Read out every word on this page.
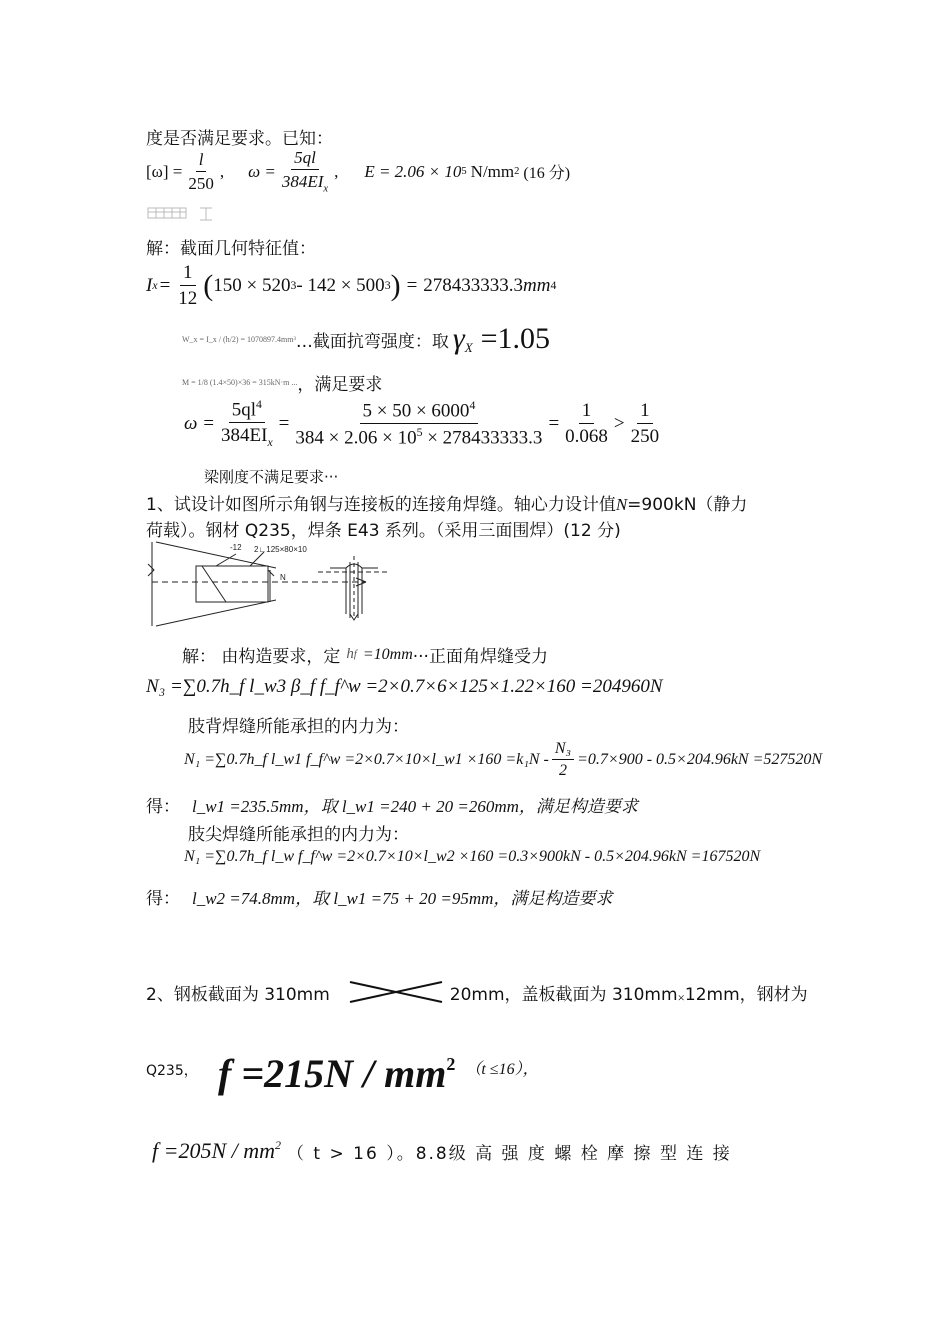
度是否满足要求。已知：
$[\omega] = \frac{l}{250}$ , $\omega = \frac{5ql}{384EI_x}$ , E = 2.06 × 10 5 N/mm 2 (16 分)
解：截面几何特征值：
I $x = \frac{1}{12}$ ( 150 × 520 3 - 142 × 500 3 ) = 278433333.3 mm 4
W_x = I_x / (h/2) = 1070897.4mm³ …截面抗弯强度：取 $\gamma_X =1.05$
M = 1/8 (1.4×50)×36 = 315kN·m ... ，满足要求
$\omega = \frac{5ql^4}{384EI_x} = \frac{5 \times 50 \times 6000^4}{384 \times 2.06 \times 10^5 \times 278433333.3} = \frac{1}{0.068} > \frac{1}{250}$
梁刚度不满足要求···
1、试设计如图所示角钢与连接板的连接角焊缝。轴心力设计值N=900kN（静力
荷载）。钢材 Q235，焊条 E43 系列。（采用三面围焊）(12 分)
-12 2∟125×80×10
N
解： 由构造要求，定 h f =10mm ···正面角焊缝受力
N₃ =∑0.7h_f l_w3 β_f f_f^w =2×0.7×6×125×1.22×160 =204960N
肢背焊缝所能承担的内力为：
N₁ =∑0.7h_f l_w1 f_f^w =2×0.7×10×l_w1 $\times 160 =k_1N - \frac{\text{N₃}}{2} =0.7\times 900 - 0.5\times 204.96kN =527520N$
得： l_w1 =235.5mm，取 l_w1 =240 + 20 =260mm，满足构造要求
肢尖焊缝所能承担的内力为：
N₁ =∑0.7h_f l_w f_f^w =2×0.7×10×l_w2 ×160 =0.3×900kN - 0.5×204.96kN =167520N
得： l_w2 =74.8mm，取 l_w1 =75 + 20 =95mm，满足构造要求
2、钢板截面为 310mm	20mm，盖板截面为 310mm × 12mm，钢材为
Q235， f =215N / mm 2 （t ≤16），
$f =205N / mm^2$ （ t > 16 ）。8.8级 高 强 度 螺 栓 摩 擦 型 连 接
